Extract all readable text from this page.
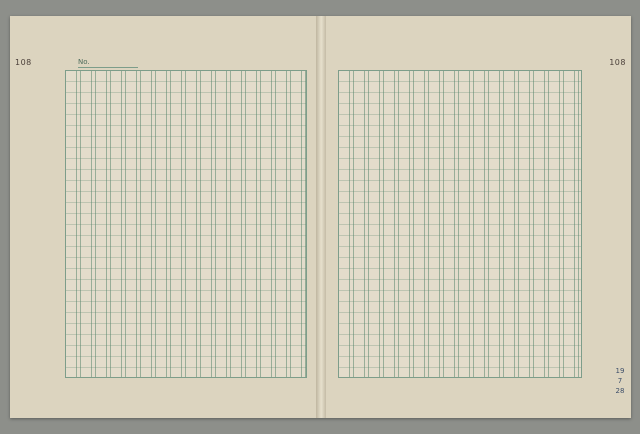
108	No.	108
19
7
28
